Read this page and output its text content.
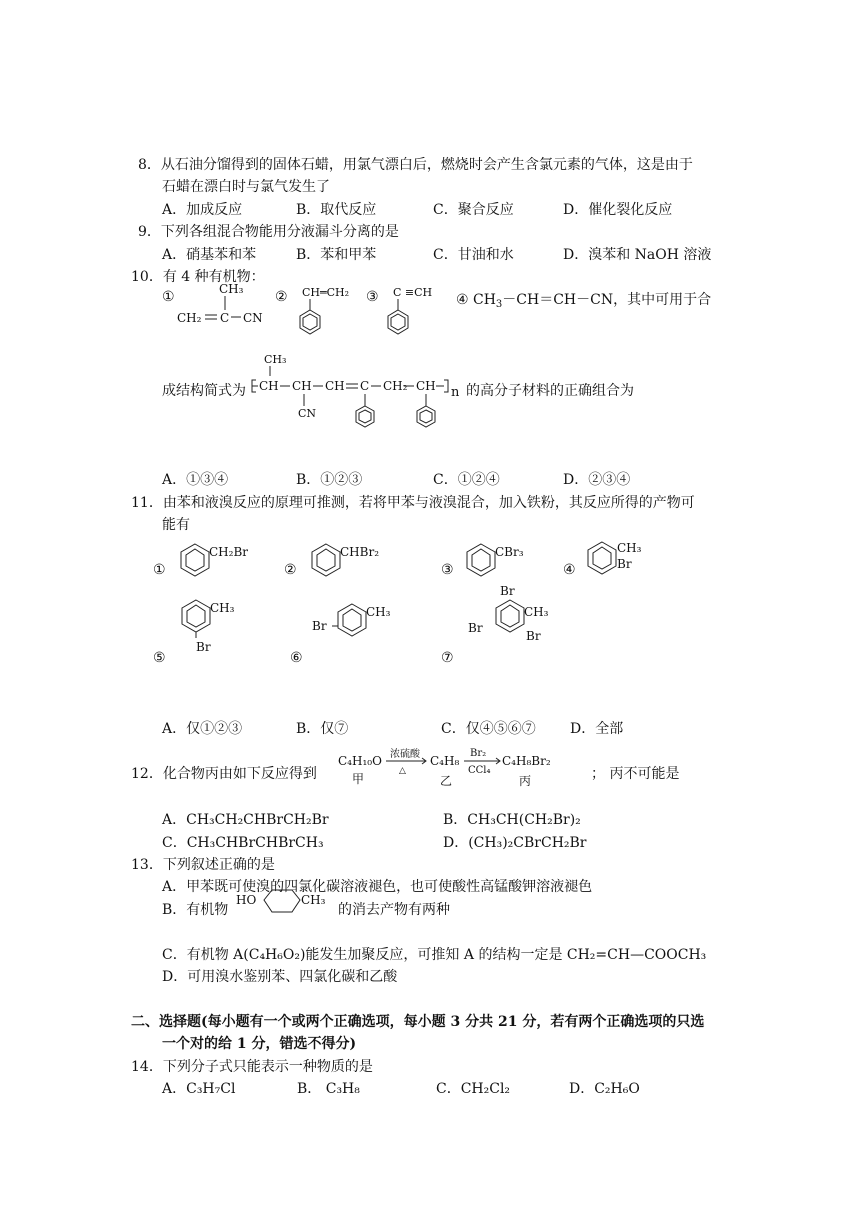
8．从石油分馏得到的固体石蜡，用氯气漂白后，燃烧时会产生含氯元素的气体，这是由于
石蜡在漂白时与氯气发生了
A．加成反应	B．取代反应	C．聚合反应	D．催化裂化反应
9．下列各组混合物能用分液漏斗分离的是
A．硝基苯和苯	B．苯和甲苯	C．甘油和水	D．溴苯和 NaOH 溶液
10．有 4 种有机物：
①	CH₃
CH₂ C CN
② CH═CH₂ ③ C ≡CH ④ $CH_3-CH=CH-CN$，其中可用于合
成结构简式为
CH₃
CH CH
CN
CH C CH₂ CH n 的高分子材料的正确组合为
A．①③④	B．①②③	C．①②④	D．②③④
11．由苯和液溴反应的原理可推测，若将甲苯与液溴混合，加入铁粉，其反应所得的产物可
能有
①
CH₂Br
②
CHBr₂
③
CBr₃
④
CH₃
Br
⑤
CH₃
Br
⑥
Br
CH₃
⑦
Br
CH₃
Br
Br
A．仅①②③	B．仅⑦	C．仅④⑤⑥⑦ D．全部
12．化合物丙由如下反应得到
C₄H₁₀O
甲
浓硫酸
△
C₄H₈
乙
Br₂
CCl₄
C₄H₈Br₂
丙	； 丙不可能是
A．CH₃CH₂CHBrCH₂Br	B．CH₃CH(CH₂Br)₂
C．CH₃CHBrCHBrCH₃	D．(CH₃)₂CBrCH₂Br
13．下列叙述正确的是
A．甲苯既可使溴的四氯化碳溶液褪色，也可使酸性高锰酸钾溶液褪色
B．有机物
HO	CH₃
的消去产物有两种
C．有机物 A(C₄H₆O₂)能发生加聚反应，可推知 A 的结构一定是 CH₂=CH—COOCH₃
D．可用溴水鉴别苯、四氯化碳和乙酸
二、选择题(每小题有一个或两个正确选项，每小题 3 分共 21 分，若有两个正确选项的只选
一个对的给 1 分，错选不得分)
14．下列分子式只能表示一种物质的是
A．C₃H₇Cl	B． C₃H₈	C．CH₂Cl₂	D．C₂H₆O
